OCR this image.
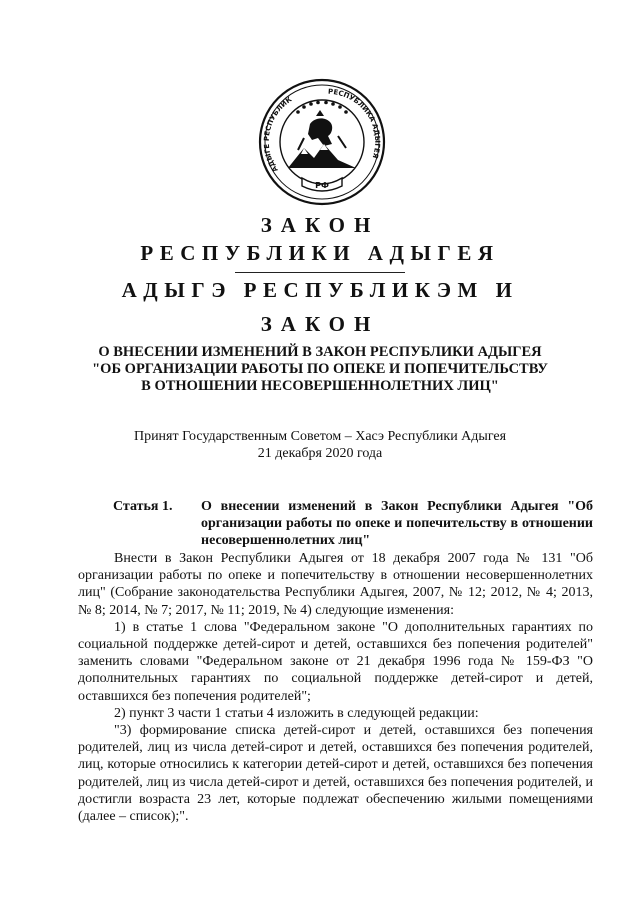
АДЫГЕ РЕСПУБЛИК
РЕСПУБЛИКА АДЫГЕЯ
РФ
ЗАКОН
РЕСПУБЛИКИ АДЫГЕЯ
АДЫГЭ РЕСПУБЛИКЭМ И
ЗАКОН
О ВНЕСЕНИИ ИЗМЕНЕНИЙ В ЗАКОН РЕСПУБЛИКИ АДЫГЕЯ
"ОБ ОРГАНИЗАЦИИ РАБОТЫ ПО ОПЕКЕ И ПОПЕЧИТЕЛЬСТВУ
В ОТНОШЕНИИ НЕСОВЕРШЕННОЛЕТНИХ ЛИЦ"
Принят Государственным Советом – Хасэ Республики Адыгея
21 декабря 2020 года
Статья 1. О внесении изменений в Закон Республики Адыгея "Об организации работы по опеке и попечительству в отношении несовершеннолетних лиц"

Внести в Закон Республики Адыгея от 18 декабря 2007 года № 131 "Об организации работы по опеке и попечительству в отношении несовершеннолетних лиц" (Собрание законодательства Республики Адыгея, 2007, № 12; 2012, № 4; 2013, № 8; 2014, № 7; 2017, № 11; 2019, № 4) следующие изменения:

1) в статье 1 слова "Федеральном законе "О дополнительных гарантиях по социальной поддержке детей-сирот и детей, оставшихся без попечения родителей" заменить словами "Федеральном законе от 21 декабря 1996 года № 159-ФЗ "О дополнительных гарантиях по социальной поддержке детей-сирот и детей, оставшихся без попечения родителей";

2) пункт 3 части 1 статьи 4 изложить в следующей редакции:

"3) формирование списка детей-сирот и детей, оставшихся без попечения родителей, лиц из числа детей-сирот и детей, оставшихся без попечения родителей, лиц, которые относились к категории детей-сирот и детей, оставшихся без попечения родителей, лиц из числа детей-сирот и детей, оставшихся без попечения родителей, и достигли возраста 23 лет, которые подлежат обеспечению жилыми помещениями (далее – список);".
